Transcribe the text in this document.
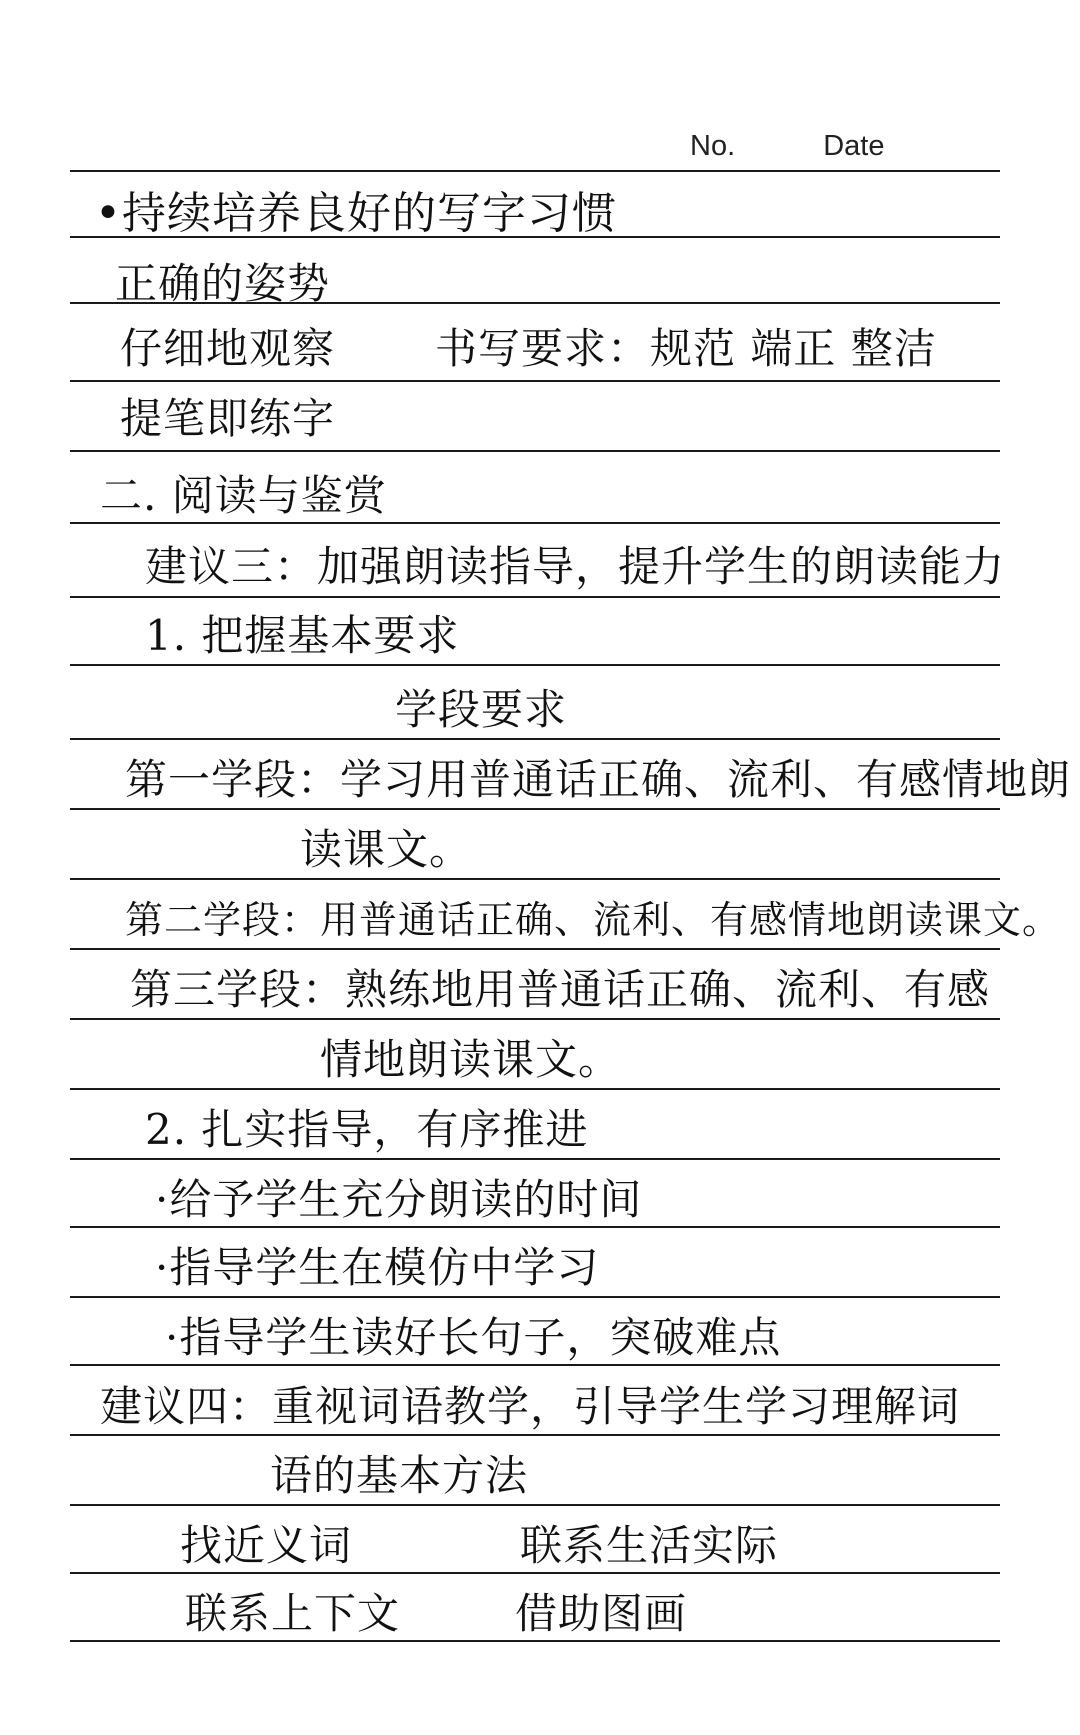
No.	Date
•持续培养良好的写字习惯
正确的姿势
仔细地观察 书写要求：规范 端正 整洁
提笔即练字
二. 阅读与鉴赏
建议三：加强朗读指导，提升学生的朗读能力
1. 把握基本要求
学段要求
第一学段：学习用普通话正确、流利、有感情地朗
读课文。
第二学段：用普通话正确、流利、有感情地朗读课文。
第三学段：熟练地用普通话正确、流利、有感
情地朗读课文。
2. 扎实指导，有序推进
·给予学生充分朗读的时间
·指导学生在模仿中学习
·指导学生读好长句子，突破难点
建议四：重视词语教学，引导学生学习理解词
语的基本方法
找近义词	联系生活实际
联系上下文	借助图画
